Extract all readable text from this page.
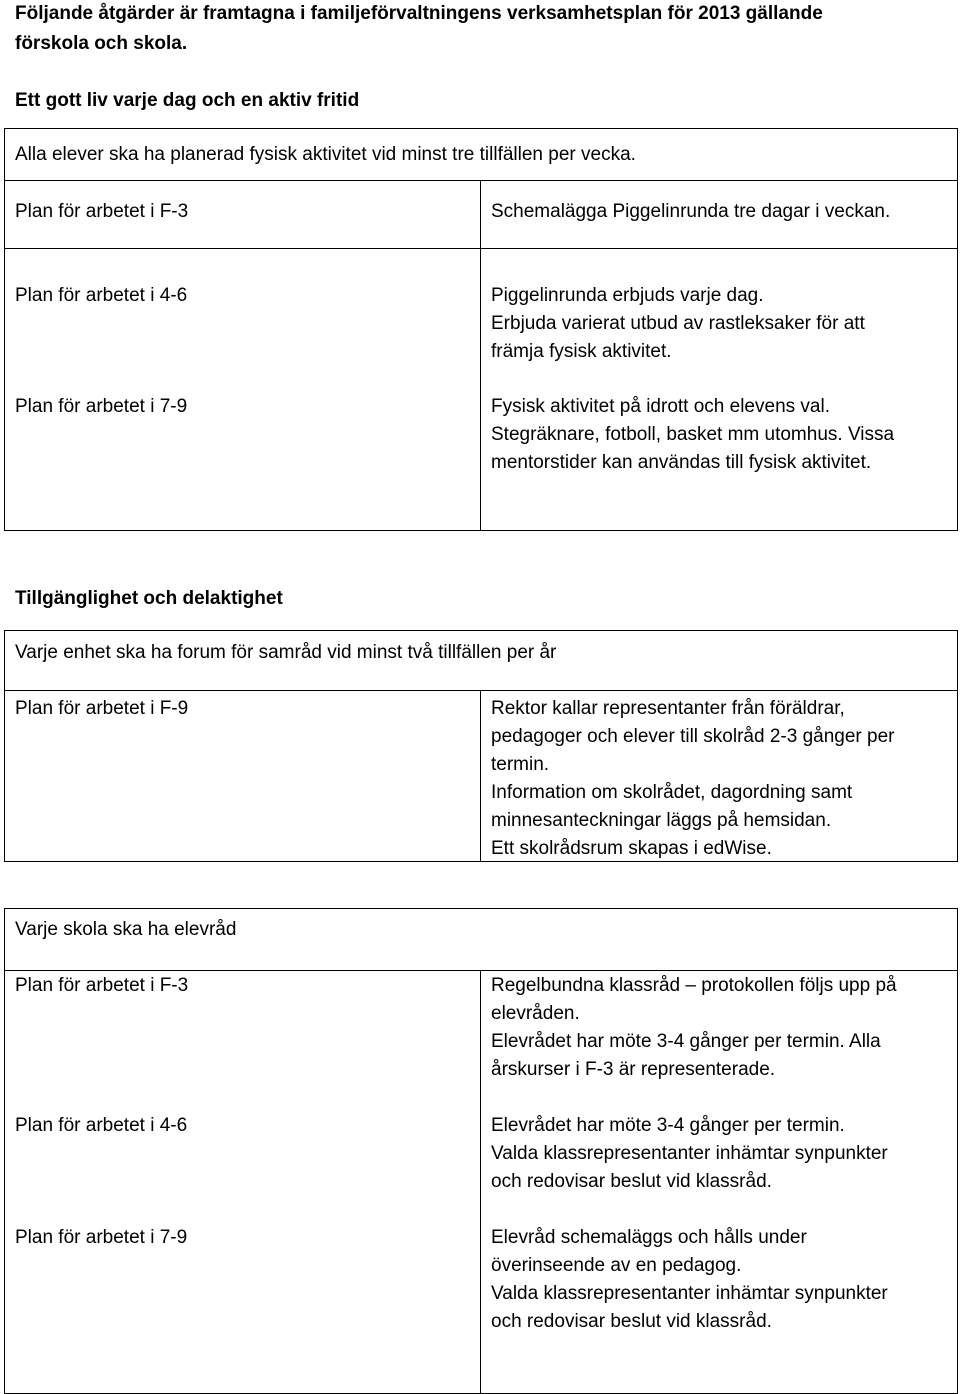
Följande åtgärder är framtagna i familjeförvaltningens verksamhetsplan för 2013 gällande
förskola och skola.
Ett gott liv varje dag och en aktiv fritid
Alla elever ska ha planerad fysisk aktivitet vid minst tre tillfällen per vecka.
Plan för arbetet i F-3	Schemalägga Piggelinrunda tre dagar i veckan.
Plan för arbetet i 4-6	Piggelinrunda erbjuds varje dag.
Erbjuda varierat utbud av rastleksaker för att
främja fysisk aktivitet.
Plan för arbetet i 7-9	Fysisk aktivitet på idrott och elevens val.
Stegräknare, fotboll, basket mm utomhus. Vissa
mentorstider kan användas till fysisk aktivitet.
Tillgänglighet och delaktighet
Varje enhet ska ha forum för samråd vid minst två tillfällen per år
Plan för arbetet i F-9	Rektor kallar representanter från föräldrar,
pedagoger och elever till skolråd 2-3 gånger per
termin.
Information om skolrådet, dagordning samt
minnesanteckningar läggs på hemsidan.
Ett skolrådsrum skapas i edWise.
Varje skola ska ha elevråd
Plan för arbetet i F-3	Regelbundna klassråd – protokollen följs upp på
elevråden.
Elevrådet har möte 3-4 gånger per termin. Alla
årskurser i F-3 är representerade.
Plan för arbetet i 4-6	Elevrådet har möte 3-4 gånger per termin.
Valda klassrepresentanter inhämtar synpunkter
och redovisar beslut vid klassråd.
Plan för arbetet i 7-9	Elevråd schemaläggs och hålls under
överinseende av en pedagog.
Valda klassrepresentanter inhämtar synpunkter
och redovisar beslut vid klassråd.
